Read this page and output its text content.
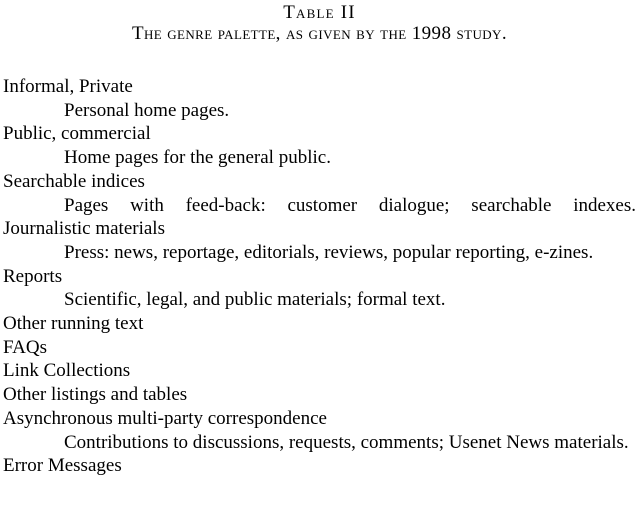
Table II
The genre palette, as given by the 1998 study.
Informal, Private
Personal home pages.
Public, commercial
Home pages for the general public.
Searchable indices
Pages with feed-back: customer dialogue; searchable indexes.
Journalistic materials
Press: news, reportage, editorials, reviews, popular reporting, e-zines.
Reports
Scientific, legal, and public materials; formal text.
Other running text
FAQs
Link Collections
Other listings and tables
Asynchronous multi-party correspondence
Contributions to discussions, requests, comments; Usenet News materials.
Error Messages
